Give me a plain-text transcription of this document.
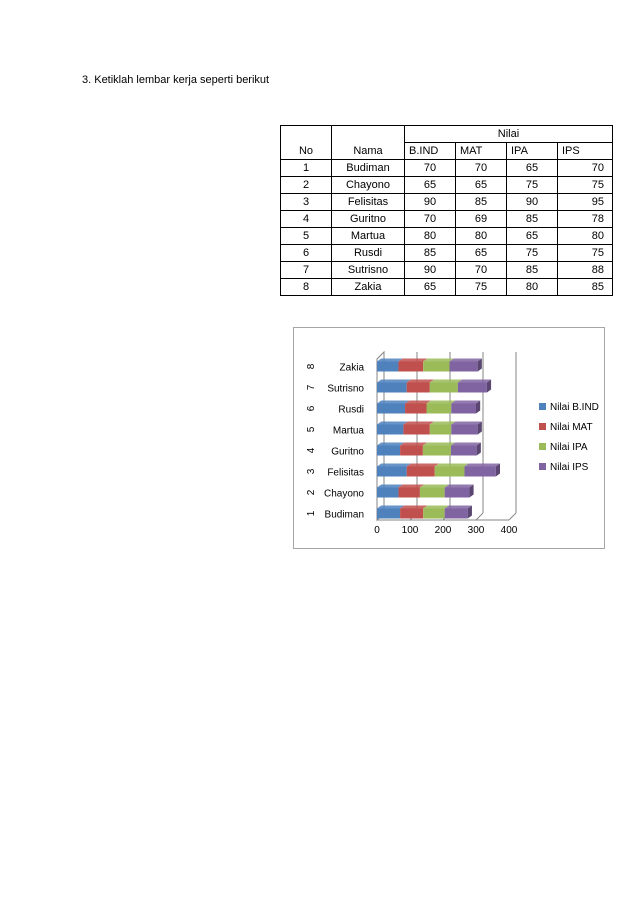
3. Ketiklah lembar kerja seperti berikut
		Nilai			
No	Nama	B.IND	MAT	IPA	IPS
1	Budiman	70	70	65	70
2	Chayono	65	65	75	75
3	Felisitas	90	85	90	95
4	Guritno	70	69	85	78
5	Martua	80	80	65	80
6	Rusdi	85	65	75	75
7	Sutrisno	90	70	85	88
8	Zakia	65	75	80	85
0 100 200 300 400
Zakia
8
Sutrisno
7
Rusdi
6
Martua
5
Guritno
4
Felisitas
3
Chayono
2
Budiman
1
Nilai B.IND
Nilai MAT
Nilai IPA
Nilai IPS
